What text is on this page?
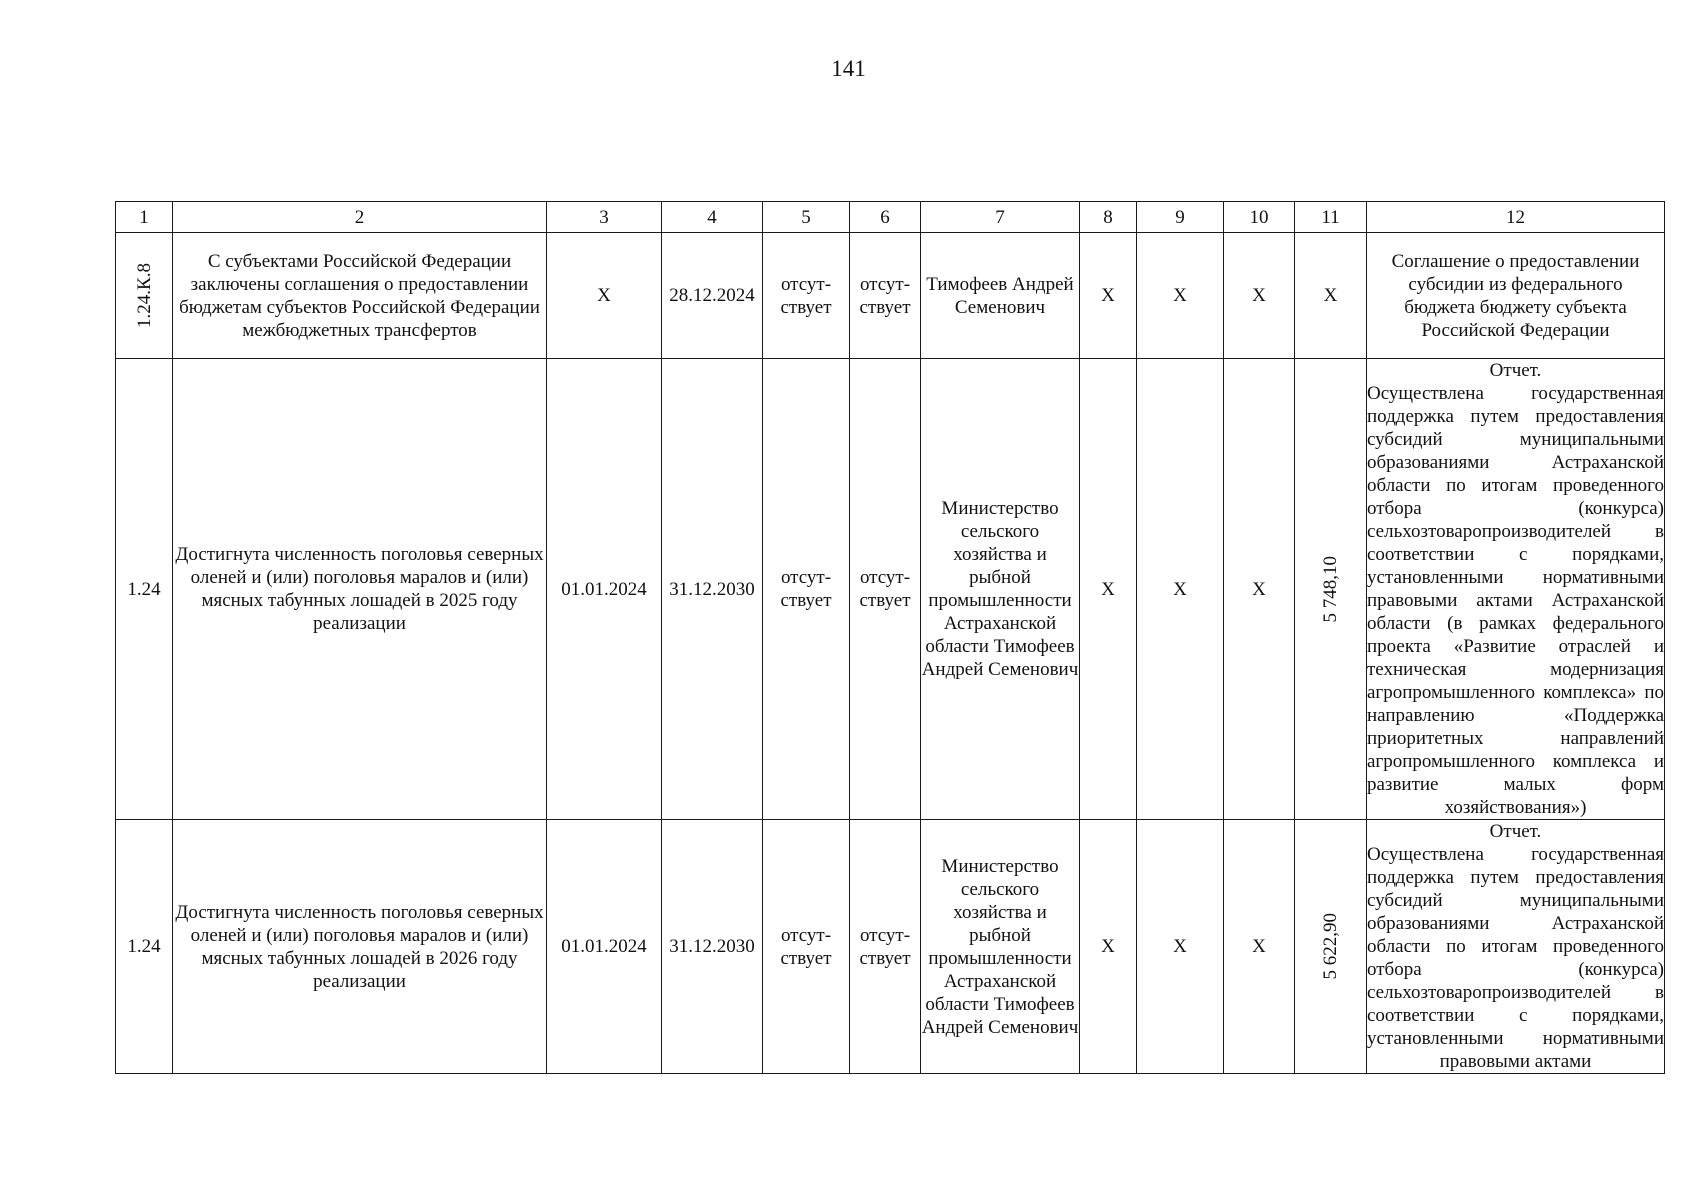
141
1	2	3	4	5	6	7	8	9	10	11	12

1.24.К.8	С субъектами Российской Федерации заключены соглашения о предоставлении бюджетам субъектов Российской Федерации межбюджетных трансфертов	X	28.12.2024	отсут-ствует	отсут-ствует	Тимофеев Андрей Семенович	X	X	X	X	Соглашение о предоставлении субсидии из федерального бюджета бюджету субъекта Российской Федерации
1.24	Достигнута численность поголовья северных оленей и (или) поголовья маралов и (или) мясных табунных лошадей в 2025 году реализации	01.01.2024	31.12.2030	отсут-ствует	отсут-ствует	Министерство сельского хозяйства и рыбной промышленности Астраханской области Тимофеев Андрей Семенович	X	X	X	5 748,10	Отчет.
Осуществлена государственная поддержка путем предоставления субсидий муниципальными образованиями Астраханской области по итогам проведенного отбора (конкурса) сельхозтоваропроизводителей в соответствии с порядками, установленными нормативными правовыми актами Астраханской области (в рамках федерального проекта «Развитие отраслей и техническая модернизация агропромышленного комплекса» по направлению «Поддержка приоритетных направлений агропромышленного комплекса и развитие малых форм хозяйствования»)

1.24	Достигнута численность поголовья северных оленей и (или) поголовья маралов и (или) мясных табунных лошадей в 2026 году реализации	01.01.2024	31.12.2030	отсут-ствует	отсут-ствует	Министерство сельского хозяйства и рыбной промышленности Астраханской области Тимофеев Андрей Семенович	X	X	X	5 622,90	Отчет.
Осуществлена государственная поддержка путем предоставления субсидий муниципальными образованиями Астраханской области по итогам проведенного отбора (конкурса) сельхозтоваропроизводителей в соответствии с порядками, установленными нормативными правовыми актами
